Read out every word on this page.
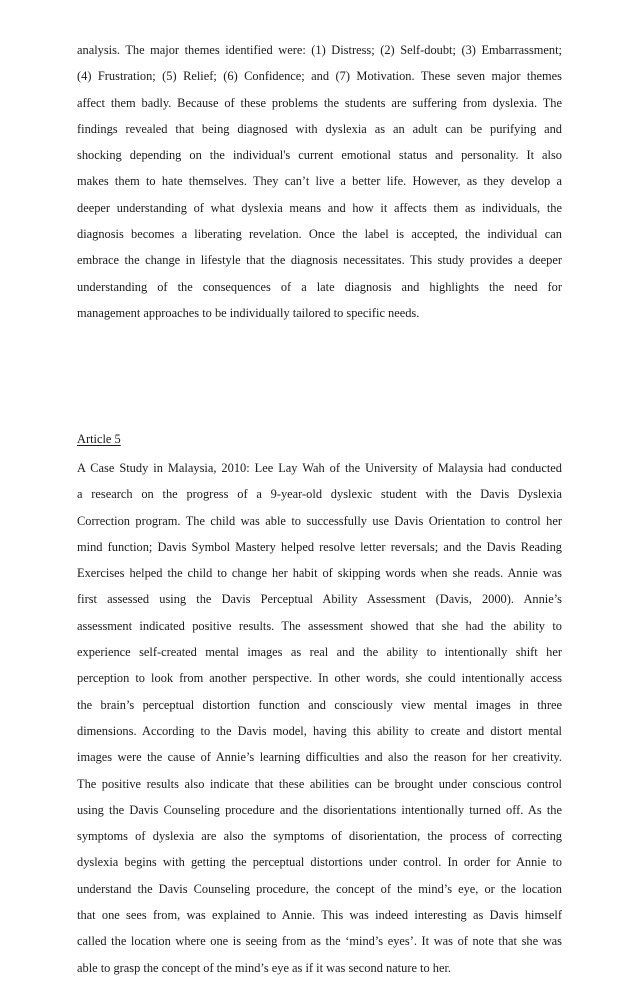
analysis. The major themes identified were: (1) Distress; (2) Self-doubt; (3) Embarrassment;
(4) Frustration; (5) Relief; (6) Confidence; and (7) Motivation. These seven major themes
affect them badly. Because of these problems the students are suffering from dyslexia. The
findings revealed that being diagnosed with dyslexia as an adult can be purifying and
shocking depending on the individual's current emotional status and personality. It also
makes them to hate themselves. They can’t live a better life. However, as they develop a
deeper understanding of what dyslexia means and how it affects them as individuals, the
diagnosis becomes a liberating revelation. Once the label is accepted, the individual can
embrace the change in lifestyle that the diagnosis necessitates. This study provides a deeper
understanding of the consequences of a late diagnosis and highlights the need for
management approaches to be individually tailored to specific needs.
Article 5
A Case Study in Malaysia, 2010: Lee Lay Wah of the University of Malaysia had conducted
a research on the progress of a 9-year-old dyslexic student with the Davis Dyslexia
Correction program. The child was able to successfully use Davis Orientation to control her
mind function; Davis Symbol Mastery helped resolve letter reversals; and the Davis Reading
Exercises helped the child to change her habit of skipping words when she reads. Annie was
first assessed using the Davis Perceptual Ability Assessment (Davis, 2000). Annie’s
assessment indicated positive results. The assessment showed that she had the ability to
experience self-created mental images as real and the ability to intentionally shift her
perception to look from another perspective. In other words, she could intentionally access
the brain’s perceptual distortion function and consciously view mental images in three
dimensions. According to the Davis model, having this ability to create and distort mental
images were the cause of Annie’s learning difficulties and also the reason for her creativity.
The positive results also indicate that these abilities can be brought under conscious control
using the Davis Counseling procedure and the disorientations intentionally turned off. As the
symptoms of dyslexia are also the symptoms of disorientation, the process of correcting
dyslexia begins with getting the perceptual distortions under control. In order for Annie to
understand the Davis Counseling procedure, the concept of the mind’s eye, or the location
that one sees from, was explained to Annie. This was indeed interesting as Davis himself
called the location where one is seeing from as the ‘mind’s eyes’. It was of note that she was
able to grasp the concept of the mind’s eye as if it was second nature to her.
